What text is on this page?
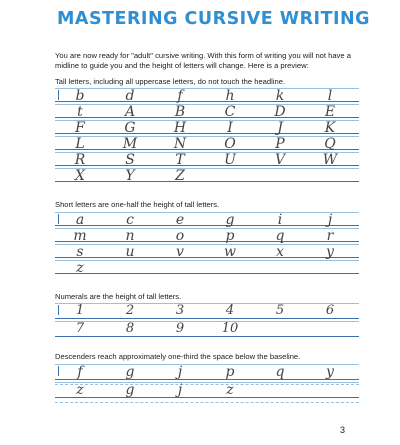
MASTERING CURSIVE WRITING

You are now ready for "adult" cursive writing. With this form of writing you will not have a midline to guide you and the height of letters will change. Here is a preview:

Tall letters, including all uppercase letters, do not touch the headline.

b	d	f	h	k	l
t	A	B	C	D	E
F	G	H	I	J	K
L	M	N	O	P	Q
R	S	T	U	V	W
X	Y	Z

Short letters are one-half the height of tall letters.

a	c	e	g	i	j
m	n	o	p	q	r
s	u	v	w	x	y
z

Numerals are the height of tall letters.

1	2	3	4	5	6
7	8	9	10

Descenders reach approximately one-third the space below the baseline.

f	g	j	p	q	y
z	g	j	z
3
